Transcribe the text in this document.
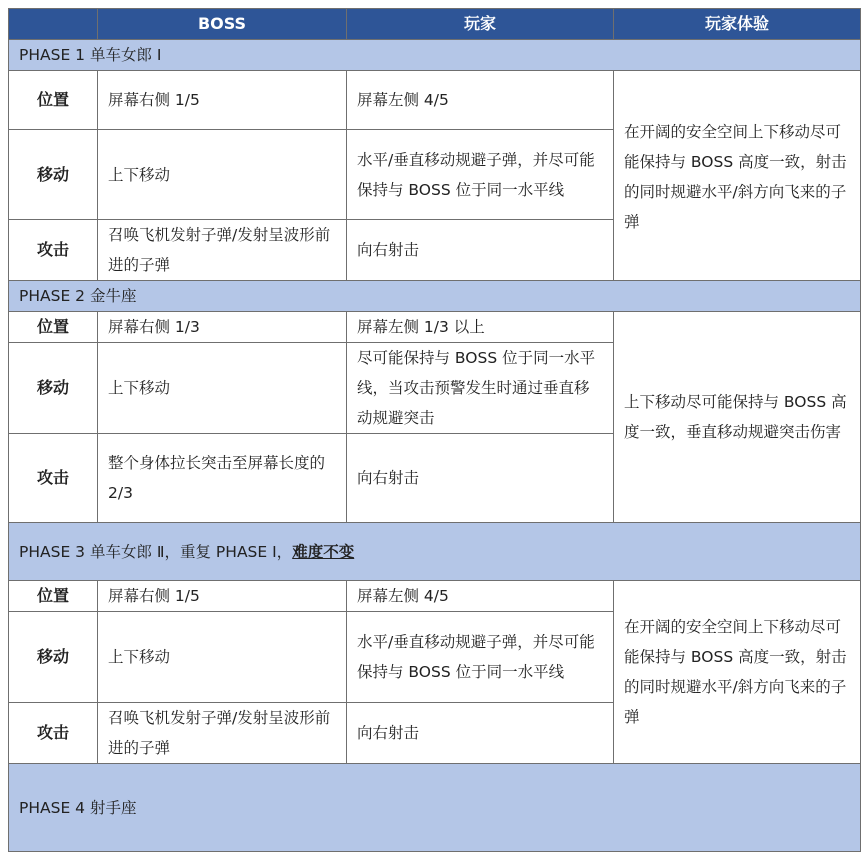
	BOSS	玩家	玩家体验
PHASE 1 单车女郎 Ⅰ			
位置	屏幕右侧 1/5	屏幕左侧 4/5	在开阔的安全空间上下移动尽可能保持与 BOSS 高度一致，射击的同时规避水平/斜方向飞来的子弹
移动	上下移动	水平/垂直移动规避子弹，并尽可能保持与 BOSS 位于同一水平线	
攻击	召唤飞机发射子弹/发射呈波形前进的子弹	向右射击	
PHASE 2 金牛座			
位置	屏幕右侧 1/3	屏幕左侧 1/3 以上	上下移动尽可能保持与 BOSS 高度一致，垂直移动规避突击伤害
移动	上下移动	尽可能保持与 BOSS 位于同一水平线，当攻击预警发生时通过垂直移动规避突击	
攻击	整个身体拉长突击至屏幕长度的 2/3	向右射击	
PHASE 3 单车女郎 Ⅱ，重复 PHASE Ⅰ，难度不变			
位置	屏幕右侧 1/5	屏幕左侧 4/5	在开阔的安全空间上下移动尽可能保持与 BOSS 高度一致，射击的同时规避水平/斜方向飞来的子弹
移动	上下移动	水平/垂直移动规避子弹，并尽可能保持与 BOSS 位于同一水平线	
攻击	召唤飞机发射子弹/发射呈波形前进的子弹	向右射击	
PHASE 4 射手座			
